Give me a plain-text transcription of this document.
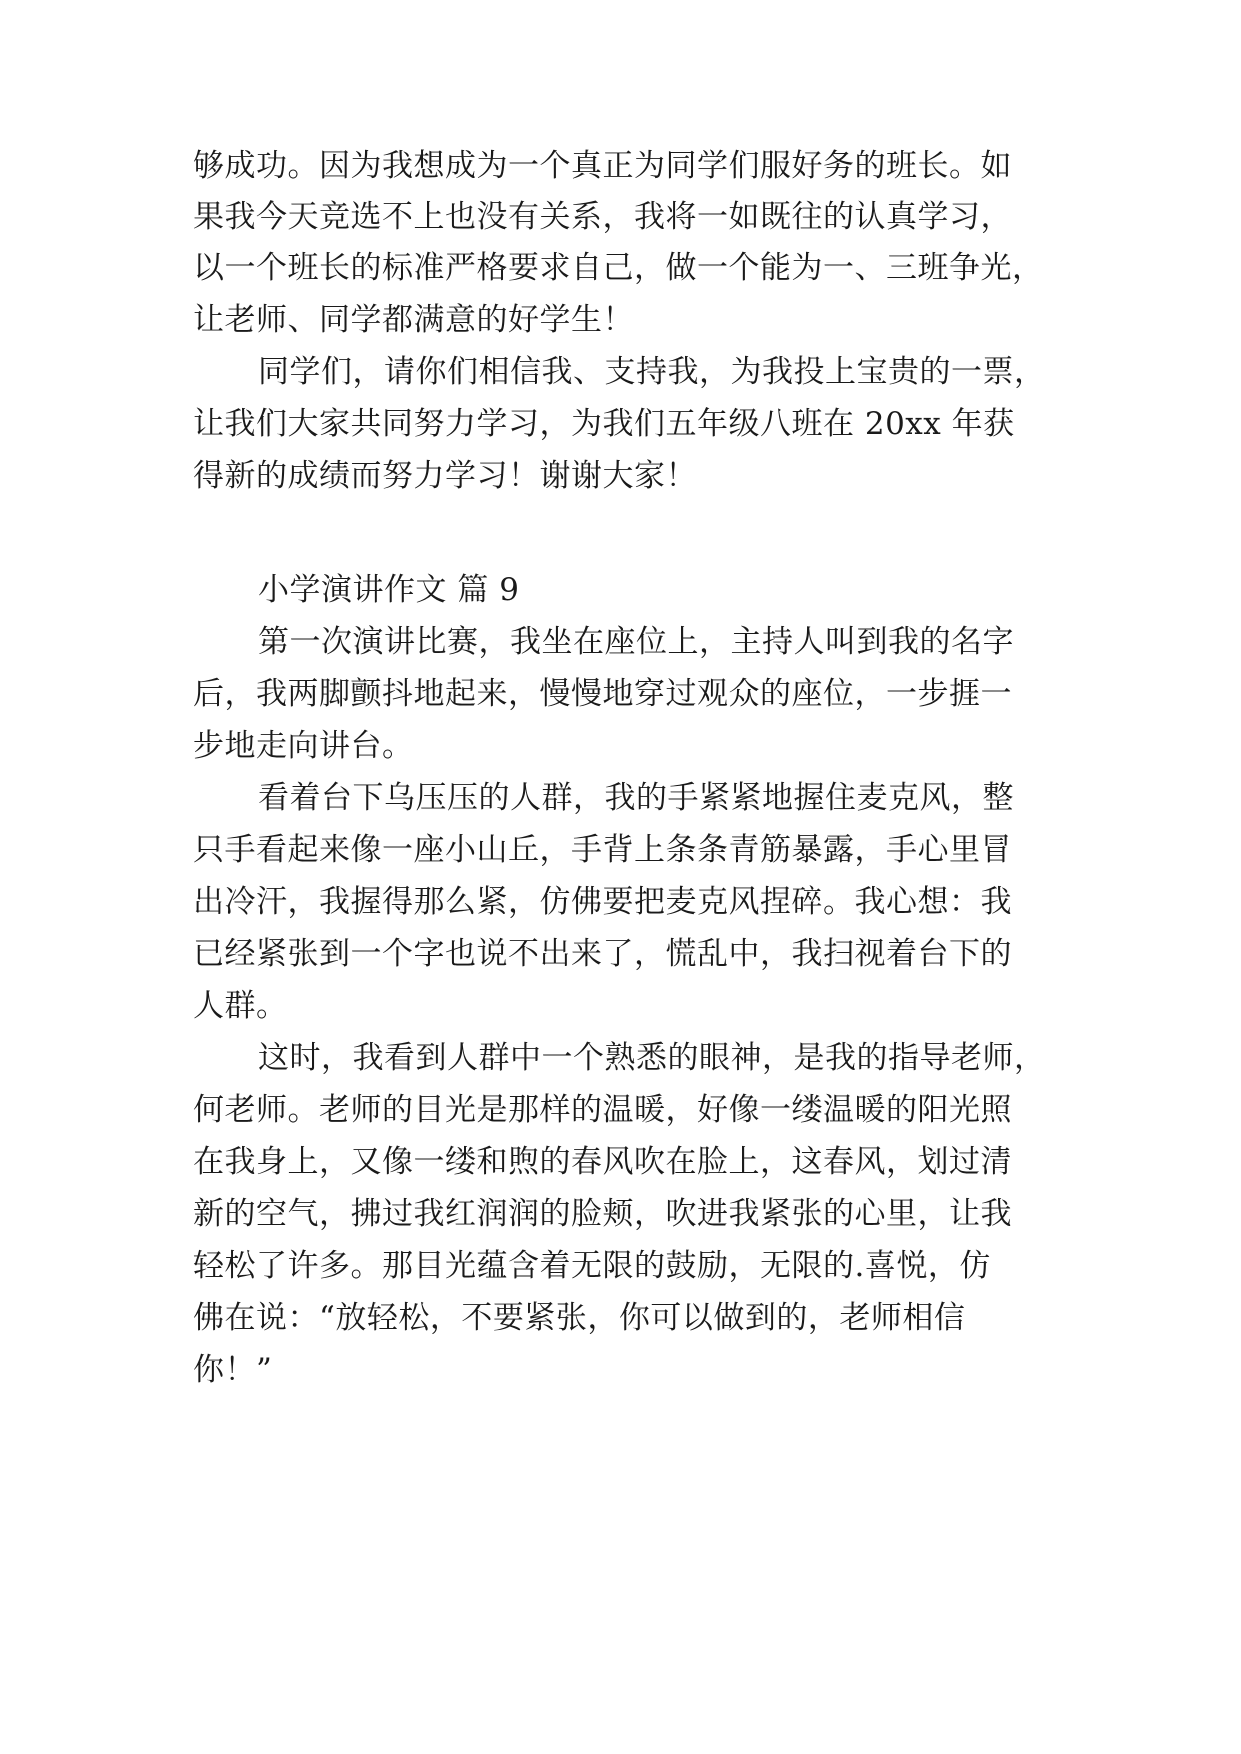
够成功。因为我想成为一个真正为同学们服好务的班长。如
果我今天竞选不上也没有关系，我将一如既往的认真学习，
以一个班长的标准严格要求自己，做一个能为一、三班争光，
让老师、同学都满意的好学生！
同学们，请你们相信我、支持我，为我投上宝贵的一票，
让我们大家共同努力学习，为我们五年级八班在 20xx 年获
得新的成绩而努力学习！谢谢大家！
小学演讲作文 篇 9
第一次演讲比赛，我坐在座位上，主持人叫到我的名字
后，我两脚颤抖地起来，慢慢地穿过观众的座位，一步捱一
步地走向讲台。
看着台下乌压压的人群，我的手紧紧地握住麦克风，整
只手看起来像一座小山丘，手背上条条青筋暴露，手心里冒
出冷汗，我握得那么紧，仿佛要把麦克风捏碎。我心想：我
已经紧张到一个字也说不出来了，慌乱中，我扫视着台下的
人群。
这时，我看到人群中一个熟悉的眼神，是我的指导老师，
何老师。老师的目光是那样的温暖，好像一缕温暖的阳光照
在我身上，又像一缕和煦的春风吹在脸上，这春风，划过清
新的空气，拂过我红润润的脸颊，吹进我紧张的心里，让我
轻松了许多。那目光蕴含着无限的鼓励，无限的.喜悦，仿
佛在说：“放轻松，不要紧张，你可以做到的，老师相信
你！”
